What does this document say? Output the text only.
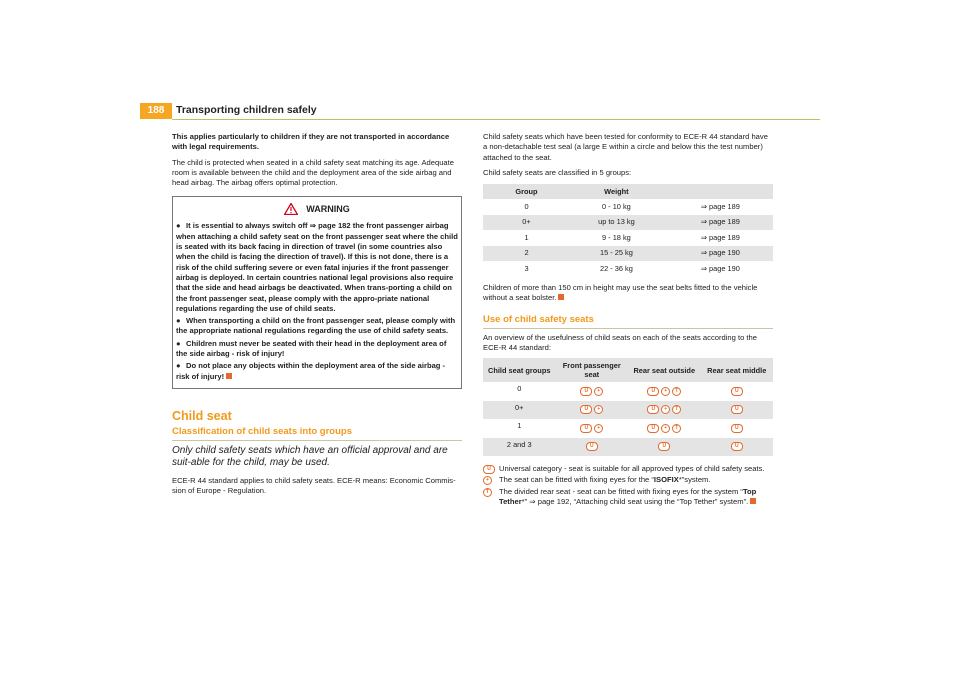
188	Transporting children safely

This applies particularly to children if they are not transported in accordance with legal requirements.

The child is protected when seated in a child safety seat matching its age. Adequate room is available between the child and the deployment area of the side airbag and head airbag. The airbag offers optimal protection.

WARNING
● It is essential to always switch off ⇒ page 182 the front passenger airbag when attaching a child safety seat on the front passenger seat where the child is seated with its back facing in direction of travel (in some countries also when the child is facing the direction of travel). If this is not done, there is a risk of the child suffering severe or even fatal injuries if the front passenger airbag is deployed. In certain countries national legal provisions also require that the side and head airbags be deactivated. When trans-porting a child on the front passenger seat, please comply with the appro-priate national regulations regarding the use of child seats.
● When transporting a child on the front passenger seat, please comply with the appropriate national regulations regarding the use of child safety seats.
● Children must never be seated with their head in the deployment area of the side airbag - risk of injury!
● Do not place any objects within the deployment area of the side airbag - risk of injury!
Child seat
Classification of child seats into groups
Only child safety seats which have an official approval and are suit-able for the child, may be used.

ECE-R 44 standard applies to child safety seats. ECE-R means: Economic Commis-sion of Europe - Regulation.

Child safety seats which have been tested for conformity to ECE-R 44 standard have a non-detachable test seal (a large E within a circle and below this the test number) attached to the seat.

Child safety seats are classified in 5 groups:

Group	Weight	
0	0 - 10 kg	⇒ page 189
0+	up to 13 kg	⇒ page 189
1	9 - 18 kg	⇒ page 189
2	15 - 25 kg	⇒ page 190
3	22 - 36 kg	⇒ page 190

Children of more than 150 cm in height may use the seat belts fitted to the vehicle without a seat bolster.

Use of child safety seats

An overview of the usefulness of child seats on each of the seats according to the ECE-R 44 standard:

Child seat groups	Front passenger seat	Rear seat outside	Rear seat middle
0	U +	U + T	U
0+	U +	U + T	U
1	U +	U + T	U
2 and 3	U	U	U
U	Universal category - seat is suitable for all approved types of child safety seats.
+	The seat can be fitted with fixing eyes for the “ISOFIX*”system.
T	The divided rear seat - seat can be fitted with fixing eyes for the system “Top Tether*” ⇒ page 192, “Attaching child seat using the “Top Tether” system”.
